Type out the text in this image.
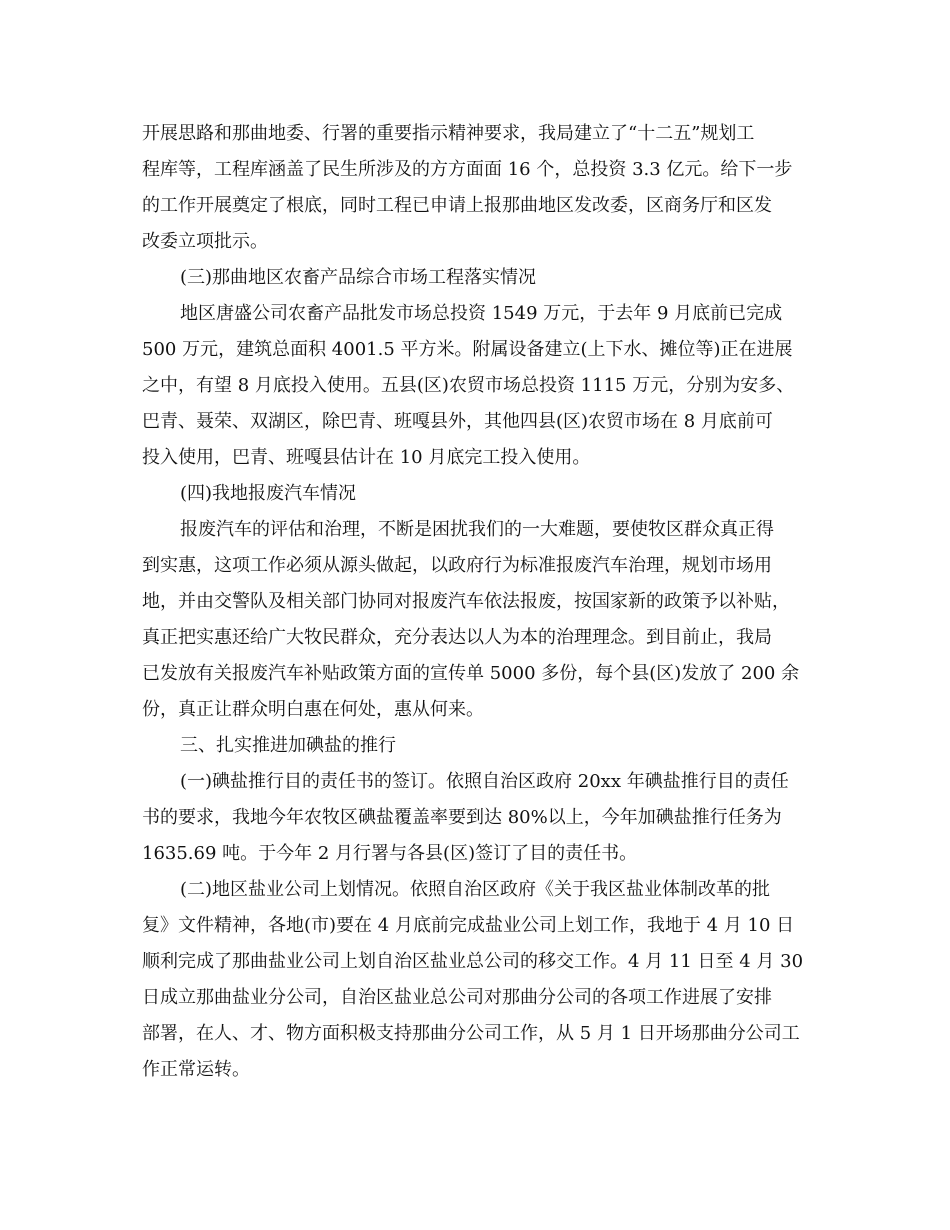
开展思路和那曲地委、行署的重要指示精神要求，我局建立了“十二五”规划工
程库等，工程库涵盖了民生所涉及的方方面面 16 个，总投资 3.3 亿元。给下一步
的工作开展奠定了根底，同时工程已申请上报那曲地区发改委，区商务厅和区发
改委立项批示。
(三)那曲地区农畜产品综合市场工程落实情况
地区唐盛公司农畜产品批发市场总投资 1549 万元，于去年 9 月底前已完成
500 万元，建筑总面积 4001.5 平方米。附属设备建立(上下水、摊位等)正在进展
之中，有望 8 月底投入使用。五县(区)农贸市场总投资 1115 万元，分别为安多、
巴青、聂荣、双湖区，除巴青、班嘎县外，其他四县(区)农贸市场在 8 月底前可
投入使用，巴青、班嘎县估计在 10 月底完工投入使用。
(四)我地报废汽车情况
报废汽车的评估和治理，不断是困扰我们的一大难题，要使牧区群众真正得
到实惠，这项工作必须从源头做起，以政府行为标准报废汽车治理，规划市场用
地，并由交警队及相关部门协同对报废汽车依法报废，按国家新的政策予以补贴，
真正把实惠还给广大牧民群众，充分表达以人为本的治理理念。到目前止，我局
已发放有关报废汽车补贴政策方面的宣传单 5000 多份，每个县(区)发放了 200 余
份，真正让群众明白惠在何处，惠从何来。
三、扎实推进加碘盐的推行
(一)碘盐推行目的责任书的签订。依照自治区政府 20xx 年碘盐推行目的责任
书的要求，我地今年农牧区碘盐覆盖率要到达 80%以上，今年加碘盐推行任务为
1635.69 吨。于今年 2 月行署与各县(区)签订了目的责任书。
(二)地区盐业公司上划情况。依照自治区政府《关于我区盐业体制改革的批
复》文件精神，各地(市)要在 4 月底前完成盐业公司上划工作，我地于 4 月 10 日
顺利完成了那曲盐业公司上划自治区盐业总公司的移交工作。4 月 11 日至 4 月 30
日成立那曲盐业分公司，自治区盐业总公司对那曲分公司的各项工作进展了安排
部署，在人、才、物方面积极支持那曲分公司工作，从 5 月 1 日开场那曲分公司工
作正常运转。
